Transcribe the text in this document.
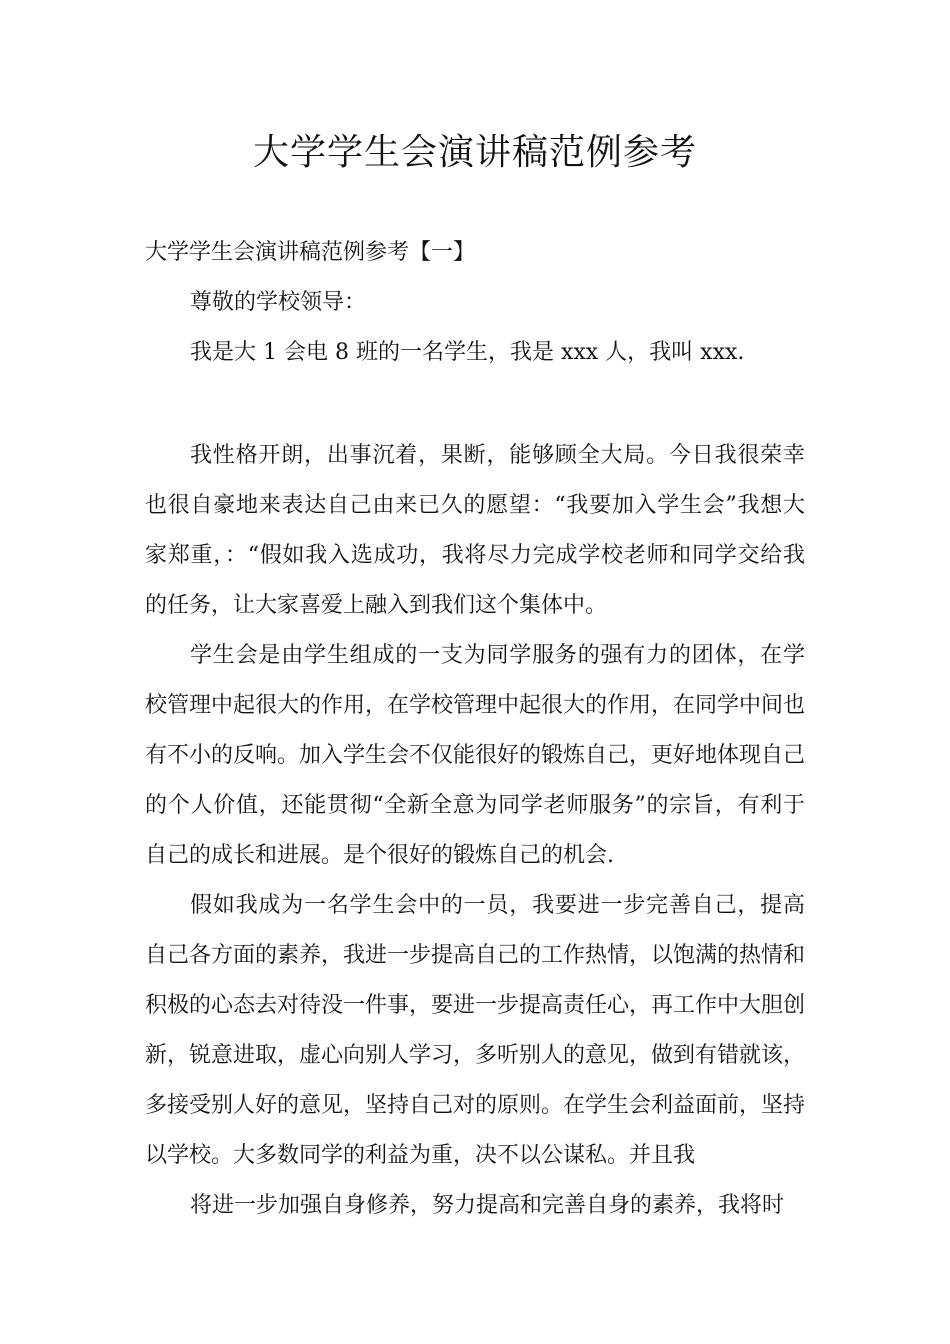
大学学生会演讲稿范例参考

大学学生会演讲稿范例参考【一】

尊敬的学校领导：

我是大 1 会电 8 班的一名学生，我是 xxx 人，我叫 xxx.

我性格开朗，出事沉着，果断，能够顾全大局。今日我很荣幸也很自豪地来表达自己由来已久的愿望：“我要加入学生会”我想大家郑重，：“假如我入选成功，我将尽力完成学校老师和同学交给我的任务，让大家喜爱上融入到我们这个集体中。

学生会是由学生组成的一支为同学服务的强有力的团体，在学校管理中起很大的作用，在学校管理中起很大的作用，在同学中间也有不小的反响。加入学生会不仅能很好的锻炼自己，更好地体现自己的个人价值，还能贯彻“全新全意为同学老师服务”的宗旨，有利于自己的成长和进展。是个很好的锻炼自己的机会.

假如我成为一名学生会中的一员，我要进一步完善自己，提高自己各方面的素养，我进一步提高自己的工作热情，以饱满的热情和积极的心态去对待没一件事，要进一步提高责任心，再工作中大胆创新，锐意进取，虚心向别人学习，多听别人的意见，做到有错就该，多接受别人好的意见，坚持自己对的原则。在学生会利益面前，坚持以学校。大多数同学的利益为重，决不以公谋私。并且我

将进一步加强自身修养，努力提高和完善自身的素养，我将时
